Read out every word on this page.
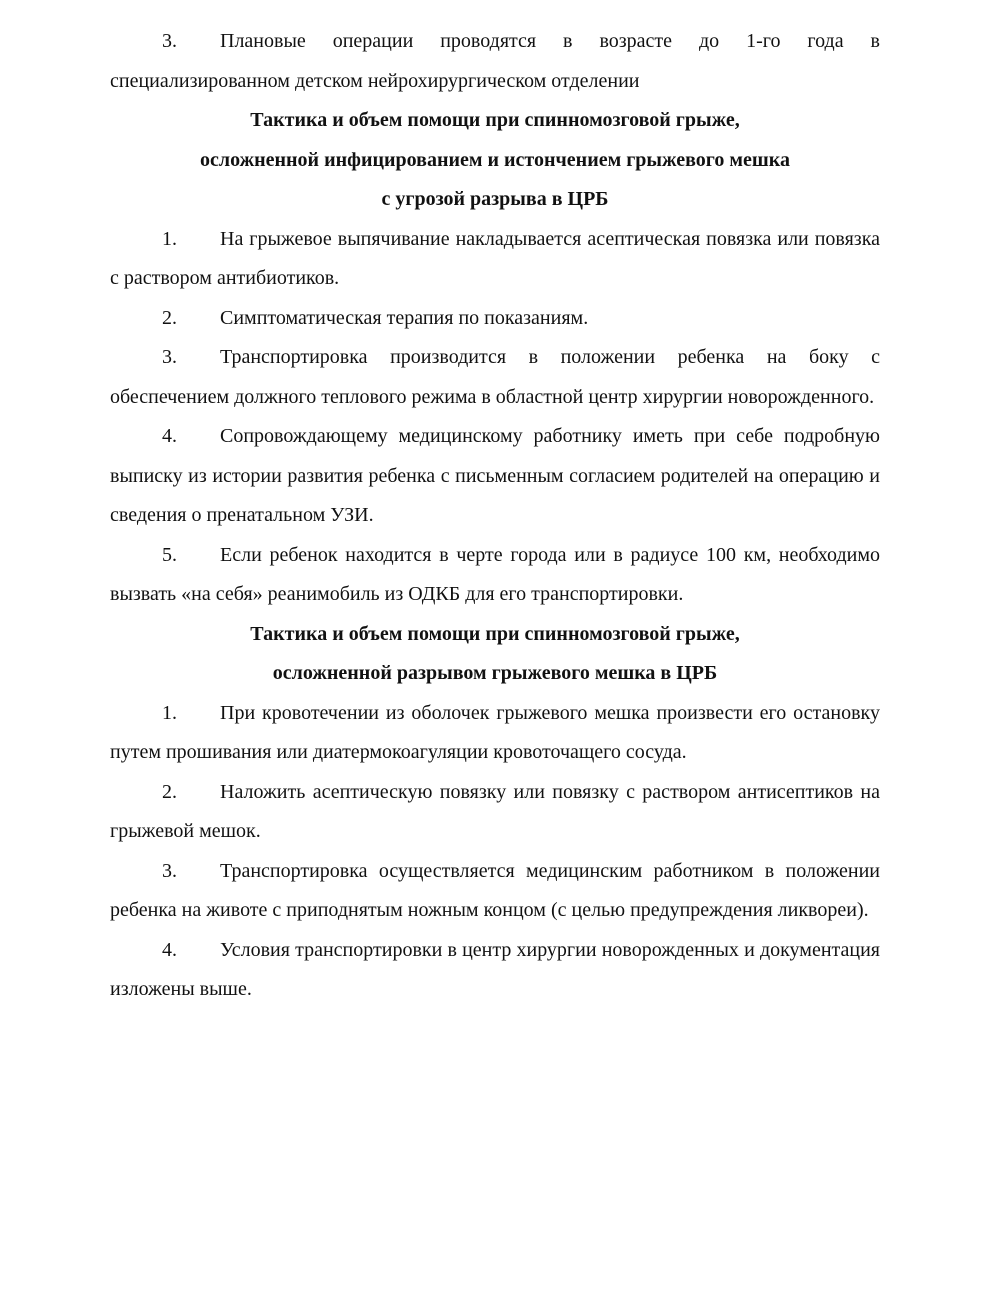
3. Плановые операции проводятся в возрасте до 1-го года в специализированном детском нейрохирургическом отделении

Тактика и объем помощи при спинномозговой грыже,
осложненной инфицированием и истончением грыжевого мешка
с угрозой разрыва в ЦРБ

1. На грыжевое выпячивание накладывается асептическая повязка или повязка с раствором антибиотиков.

2. Симптоматическая терапия по показаниям.

3. Транспортировка производится в положении ребенка на боку с обеспечением должного теплового режима в областной центр хирургии новорожденного.

4. Сопровождающему медицинскому работнику иметь при себе подробную выписку из истории развития ребенка с письменным согласием родителей на операцию и сведения о пренатальном УЗИ.

5. Если ребенок находится в черте города или в радиусе 100 км, необходимо вызвать «на себя» реанимобиль из ОДКБ для его транспортировки.

Тактика и объем помощи при спинномозговой грыже,
осложненной разрывом грыжевого мешка в ЦРБ

1. При кровотечении из оболочек грыжевого мешка произвести его остановку путем прошивания или диатермокоагуляции кровоточащего сосуда.

2. Наложить асептическую повязку или повязку с раствором антисептиков на грыжевой мешок.

3. Транспортировка осуществляется медицинским работником в положении ребенка на животе с приподнятым ножным концом (с целью предупреждения ликвореи).

4. Условия транспортировки в центр хирургии новорожденных и документация изложены выше.
